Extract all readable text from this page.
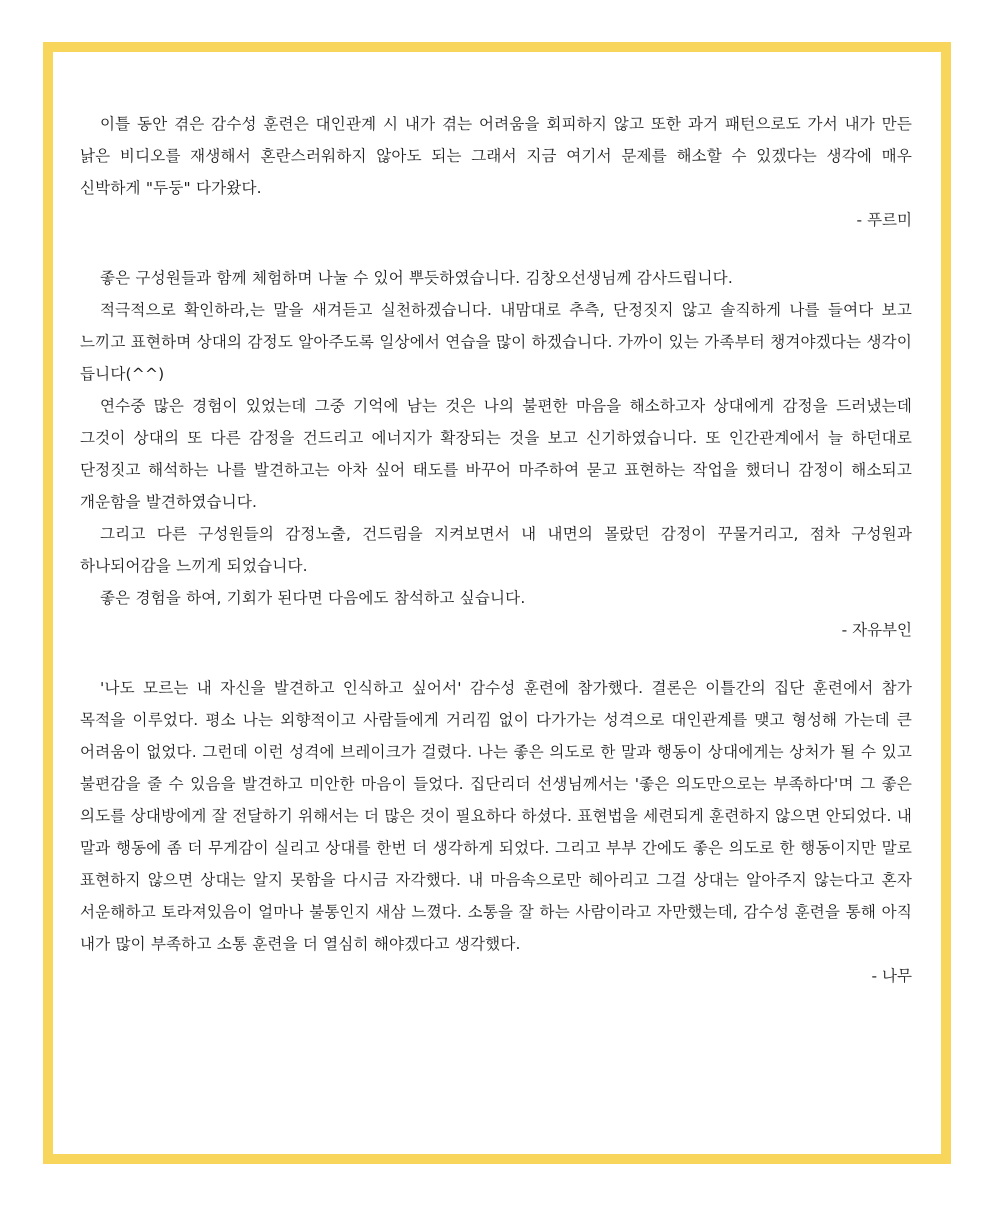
이틀 동안 겪은 감수성 훈련은 대인관계 시 내가 겪는 어려움을 회피하지 않고 또한 과거 패턴으로도 가서 내가 만든 낡은 비디오를 재생해서 혼란스러워하지 않아도 되는 그래서 지금 여기서 문제를 해소할 수 있겠다는 생각에 매우 신박하게 "두둥" 다가왔다.

- 푸르미

좋은 구성원들과 함께 체험하며 나눌 수 있어 뿌듯하였습니다. 김창오선생님께 감사드립니다.

적극적으로 확인하라,는 말을 새겨듣고 실천하겠습니다. 내맘대로 추측, 단정짓지 않고 솔직하게 나를 들여다 보고 느끼고 표현하며 상대의 감정도 알아주도록 일상에서 연습을 많이 하겠습니다. 가까이 있는 가족부터 챙겨야겠다는 생각이 듭니다(^^)

연수중 많은 경험이 있었는데 그중 기억에 남는 것은 나의 불편한 마음을 해소하고자 상대에게 감정을 드러냈는데 그것이 상대의 또 다른 감정을 건드리고 에너지가 확장되는 것을 보고 신기하였습니다. 또 인간관계에서 늘 하던대로 단정짓고 해석하는 나를 발견하고는 아차 싶어 태도를 바꾸어 마주하여 묻고 표현하는 작업을 했더니 감정이 해소되고 개운함을 발견하였습니다.

그리고 다른 구성원들의 감정노출, 건드림을 지켜보면서 내 내면의 몰랐던 감정이 꾸물거리고, 점차 구성원과 하나되어감을 느끼게 되었습니다.

좋은 경험을 하여, 기회가 된다면 다음에도 참석하고 싶습니다.

- 자유부인

'나도 모르는 내 자신을 발견하고 인식하고 싶어서' 감수성 훈련에 참가했다. 결론은 이틀간의 집단 훈련에서 참가 목적을 이루었다. 평소 나는 외향적이고 사람들에게 거리낌 없이 다가가는 성격으로 대인관계를 맺고 형성해 가는데 큰 어려움이 없었다. 그런데 이런 성격에 브레이크가 걸렸다. 나는 좋은 의도로 한 말과 행동이 상대에게는 상처가 될 수 있고 불편감을 줄 수 있음을 발견하고 미안한 마음이 들었다. 집단리더 선생님께서는 '좋은 의도만으로는 부족하다'며 그 좋은 의도를 상대방에게 잘 전달하기 위해서는 더 많은 것이 필요하다 하셨다. 표현법을 세련되게 훈련하지 않으면 안되었다. 내 말과 행동에 좀 더 무게감이 실리고 상대를 한번 더 생각하게 되었다. 그리고 부부 간에도 좋은 의도로 한 행동이지만 말로 표현하지 않으면 상대는 알지 못함을 다시금 자각했다. 내 마음속으로만 헤아리고 그걸 상대는 알아주지 않는다고 혼자 서운해하고 토라져있음이 얼마나 불통인지 새삼 느꼈다. 소통을 잘 하는 사람이라고 자만했는데, 감수성 훈련을 통해 아직 내가 많이 부족하고 소통 훈련을 더 열심히 해야겠다고 생각했다.

- 나무
